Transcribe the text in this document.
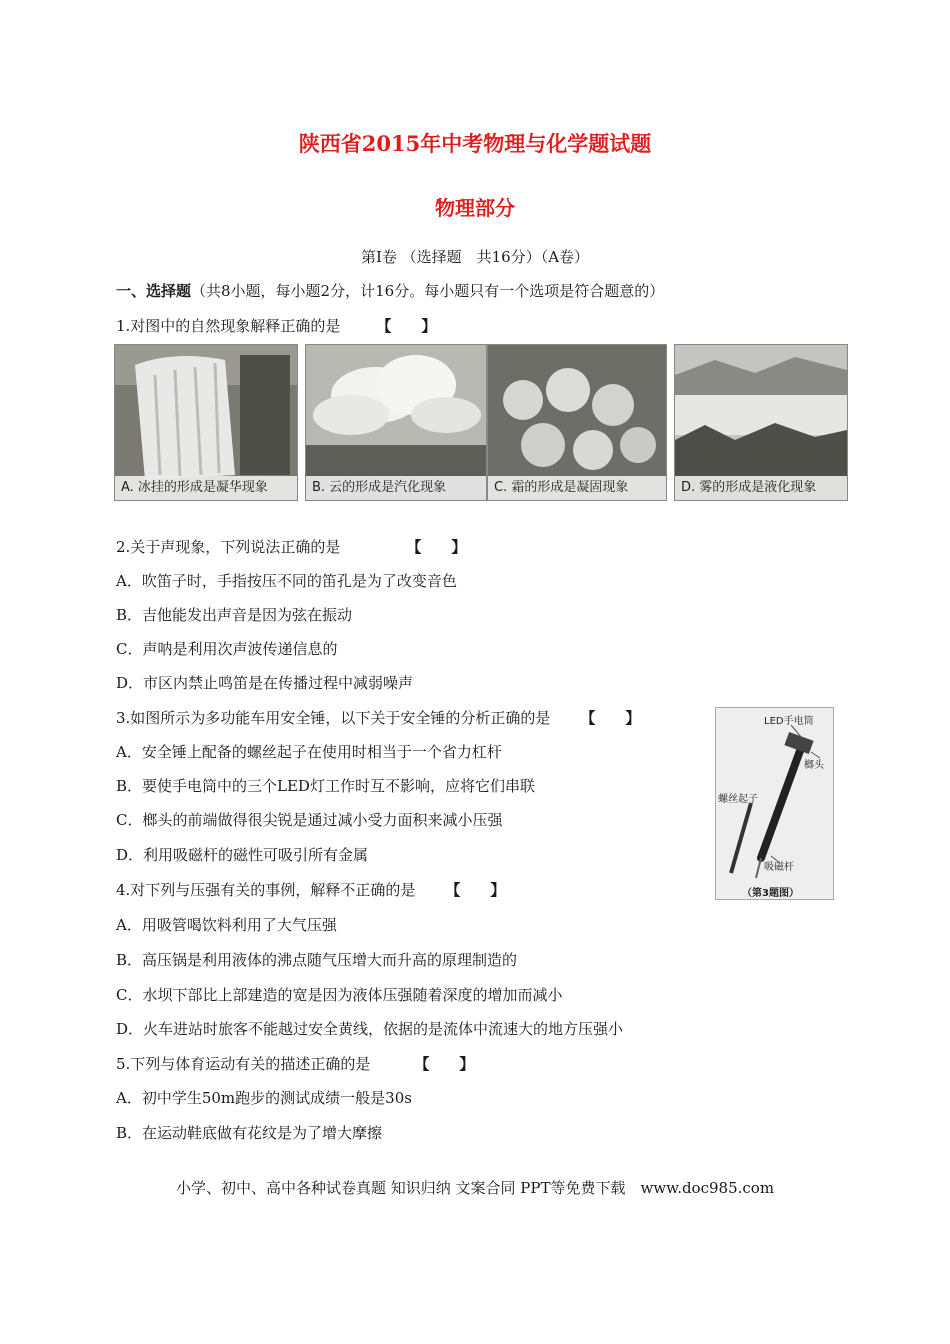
陕西省2015年中考物理与化学题试题
物理部分
第Ⅰ卷 （选择题　共16分）（A卷）
一、选择题（共8小题，每小题2分，计16分。每小题只有一个选项是符合题意的）
1.对图中的自然现象解释正确的是 【　　】
A. 冰挂的形成是凝华现象	B. 云的形成是汽化现象	C. 霜的形成是凝固现象	D. 雾的形成是液化现象
2.关于声现象，下列说法正确的是	【　　】
A．吹笛子时，手指按压不同的笛孔是为了改变音色
B．吉他能发出声音是因为弦在振动
C．声呐是利用次声波传递信息的
D．市区内禁止鸣笛是在传播过程中减弱噪声
3.如图所示为多功能车用安全锤，以下关于安全锤的分析正确的是 【　　】
A．安全锤上配备的螺丝起子在使用时相当于一个省力杠杆
B．要使手电筒中的三个LED灯工作时互不影响，应将它们串联
C．榔头的前端做得很尖锐是通过减小受力面积来减小压强
D．利用吸磁杆的磁性可吸引所有金属
LED手电筒
榔头
螺丝起子
吸磁杆
（第3题图）
4.对下列与压强有关的事例，解释不正确的是 【　　】
A．用吸管喝饮料利用了大气压强
B．高压锅是利用液体的沸点随气压增大而升高的原理制造的
C．水坝下部比上部建造的宽是因为液体压强随着深度的增加而减小
D．火车进站时旅客不能越过安全黄线，依据的是流体中流速大的地方压强小
5.下列与体育运动有关的描述正确的是	【　　】
A．初中学生50m跑步的测试成绩一般是30s
B．在运动鞋底做有花纹是为了增大摩擦
小学、初中、高中各种试卷真题 知识归纳 文案合同 PPT等免费下载　www.doc985.com
